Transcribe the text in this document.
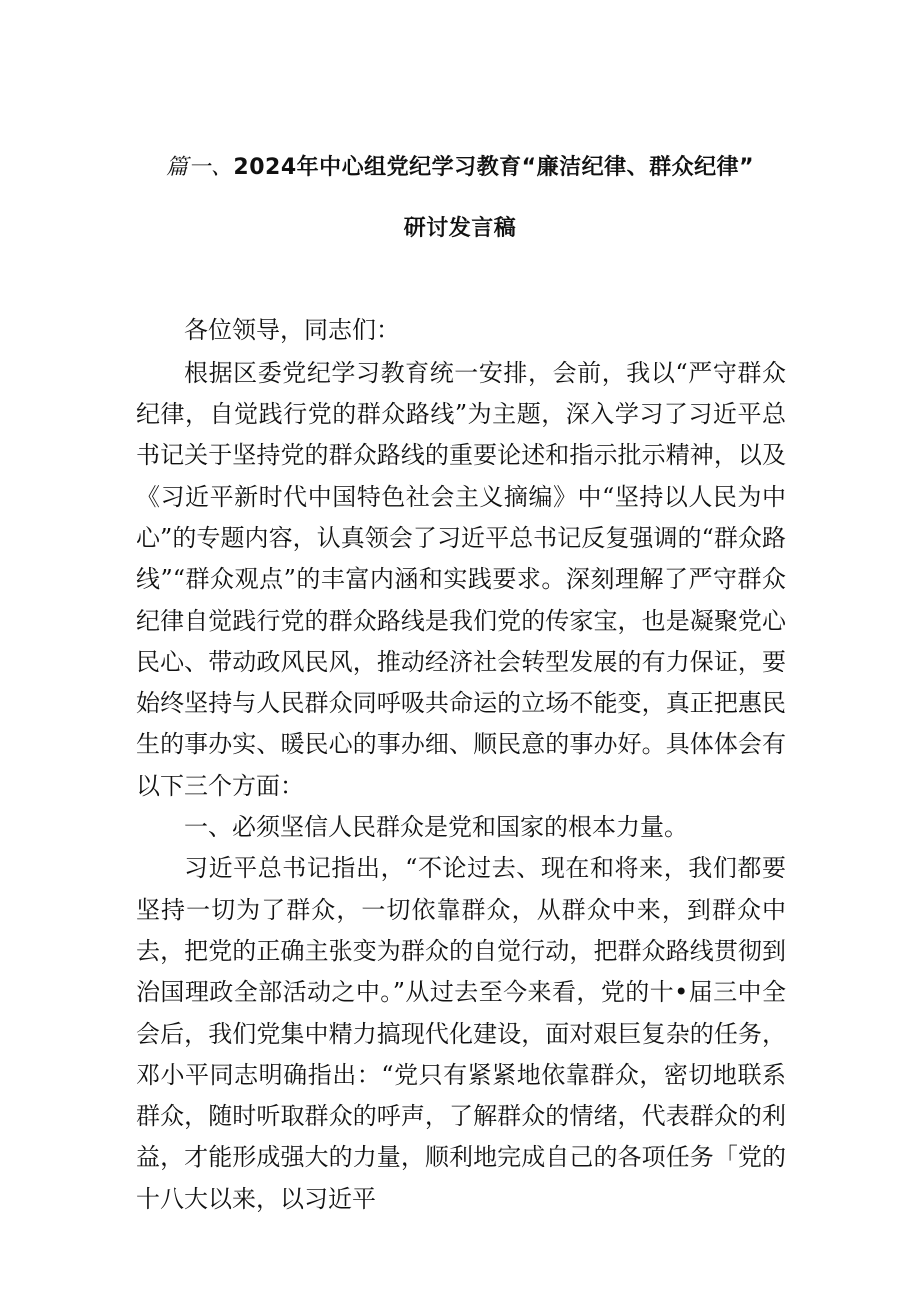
篇一、2024年中心组党纪学习教育“廉洁纪律、群众纪律”
研讨发言稿

各位领导，同志们：

根据区委党纪学习教育统一安排，会前，我以“严守群众纪律，自觉践行党的群众路线”为主题，深入学习了习近平总书记关于坚持党的群众路线的重要论述和指示批示精神，以及《习近平新时代中国特色社会主义摘编》中“坚持以人民为中心”的专题内容，认真领会了习近平总书记反复强调的“群众路线”“群众观点”的丰富内涵和实践要求。深刻理解了严守群众纪律自觉践行党的群众路线是我们党的传家宝，也是凝聚党心民心、带动政风民风，推动经济社会转型发展的有力保证，要始终坚持与人民群众同呼吸共命运的立场不能变，真正把惠民生的事办实、暖民心的事办细、顺民意的事办好。具体体会有以下三个方面：

一、必须坚信人民群众是党和国家的根本力量。

习近平总书记指出，“不论过去、现在和将来，我们都要坚持一切为了群众，一切依靠群众，从群众中来，到群众中去，把党的正确主张变为群众的自觉行动，把群众路线贯彻到治国理政全部活动之中。”从过去至今来看，党的十•届三中全会后，我们党集中精力搞现代化建设，面对艰巨复杂的任务，邓小平同志明确指出：“党只有紧紧地依靠群众，密切地联系群众，随时听取群众的呼声，了解群众的情绪，代表群众的利益，才能形成强大的力量，顺利地完成自己的各项任务「党的十八大以来，以习近平
